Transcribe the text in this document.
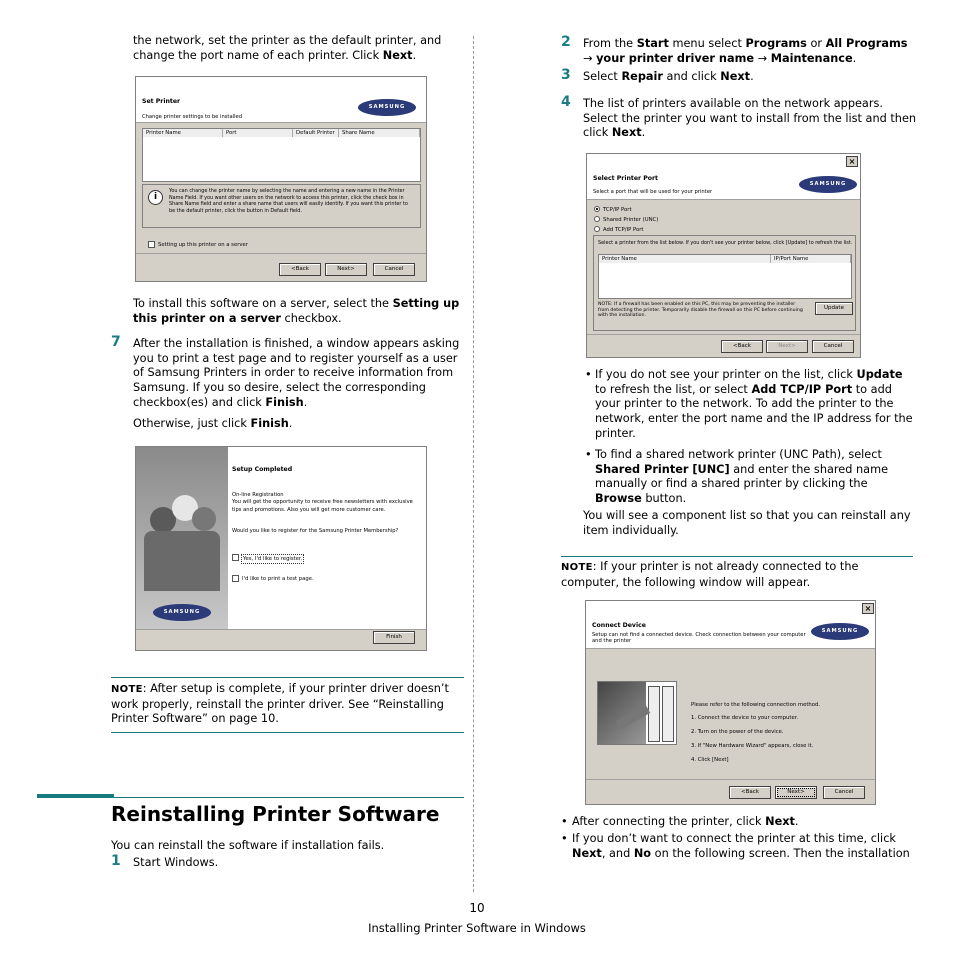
the network, set the printer as the default printer, and
change the port name of each printer. Click Next.
Set Printer
Change printer settings to be installed
SAMSUNG
Printer Name	Port	Default Printer	Share Name
i
You can change the printer name by selecting the name and entering a new name in the Printer Name Field. If you want other users on the network to access this printer, click the check box in Share Name field and enter a share name that users will easily identify. If you want this printer to be the default printer, click the button in Default field.
Setting up this printer on a server
<Back	Next>	Cancel
To install this software on a server, select the Setting up this printer on a server checkbox.
7 After the installation is finished, a window appears asking you to print a test page and to register yourself as a user of Samsung Printers in order to receive information from Samsung. If you so desire, select the corresponding checkbox(es) and click Finish.
Otherwise, just click Finish.
SAMSUNG
Setup Completed
On-line Registration
You will get the opportunity to receive free newsletters with exclusive tips and promotions. Also you will get more customer care.
Would you like to register for the Samsung Printer Membership?
Yes, I'd like to register.
I'd like to print a test page.
Finish
NOTE: After setup is complete, if your printer driver doesn’t work properly, reinstall the printer driver. See “Reinstalling Printer Software” on page 10.
Reinstalling Printer Software
You can reinstall the software if installation fails.
1 Start Windows.
2 From the Start menu select Programs or All Programs
→ your printer driver name → Maintenance.
3 Select Repair and click Next.
4 The list of printers available on the network appears. Select the printer you want to install from the list and then click Next.
×
Select Printer Port
Select a port that will be used for your printer
SAMSUNG
TCP/IP Port
Shared Printer (UNC)
Add TCP/IP Port
Select a printer from the list below. If you don't see your printer below, click [Update] to refresh the list.
Printer Name	IP/Port Name
NOTE: If a firewall has been enabled on this PC, this may be preventing the installer from detecting the printer. Temporarily disable the firewall on this PC before continuing with the installation.
Update
<Back	Next>	Cancel
• If you do not see your printer on the list, click Update to refresh the list, or select Add TCP/IP Port to add your printer to the network. To add the printer to the network, enter the port name and the IP address for the printer.
• To find a shared network printer (UNC Path), select Shared Printer [UNC] and enter the shared name manually or find a shared printer by clicking the Browse button.
You will see a component list so that you can reinstall any item individually.
NOTE: If your printer is not already connected to the computer, the following window will appear.
×
Connect Device
Setup can not find a connected device. Check connection between your computer and the printer
SAMSUNG
Please refer to the following connection method.
1. Connect the device to your computer.
2. Turn on the power of the device.
3. If "New Hardware Wizard" appears, close it.
4. Click [Next]
<Back	Next>	Cancel
• After connecting the printer, click Next.
• If you don’t want to connect the printer at this time, click Next, and No on the following screen. Then the installation
10
Installing Printer Software in Windows
